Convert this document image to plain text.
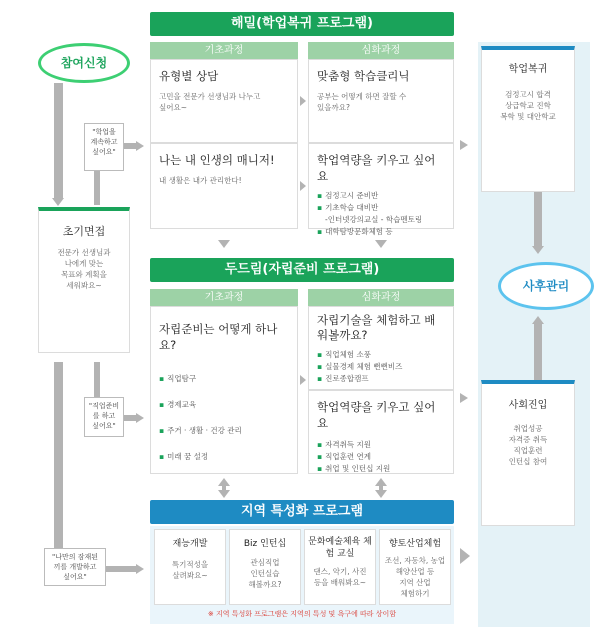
참여신청
"학업을
계속하고
싶어요"
초기면접
전문가 선생님과
나에게 맞는
목표와 계획을
세워봐요~
"직업준비
를 하고
싶어요"
"나만의 잠재된
끼를 개발하고
싶어요"
해밀(학업복귀 프로그램)
기초과정	심화과정
유형별 상담
고민을 전문가 선생님과 나누고
싶어요~
맞춤형 학습클리닉
공부는 어떻게 하면 잘할 수
있을까요?
나는 내 인생의 매니저!
내 생활은 내가 관리한다!
학업역량을 키우고 싶어요
▪ 검정고시 준비반
▪ 기초학습 대비반
-인터넷강의교실 - 학습멘토링
▪ 대학탐방문화체험 등
두드림(자립준비 프로그램)
기초과정	심화과정
자립준비는 어떻게 하나요?
▪ 직업탐구
▪ 경제교육
▪ 주거 · 생활 · 건강 관리
▪ 미래 꿈 설정
자립기술을 체험하고 배워볼까요?
▪ 직업체험 소풍
▪ 실물경제 체험 뻔뻔비즈
▪ 진로종합캠프
학업역량을 키우고 싶어요
▪ 자격취득 지원
▪ 직업훈련 연계
▪ 취업 및 인턴십 지원
지역 특성화 프로그램
재능개발
특기적성을
살려봐요~
Biz 인턴십
관심직업
인턴실습
해볼까요?
문화예술체육 체험 교실
댄스, 악기, 사진
등을 배워봐요~
향토산업체험
조선, 자동차, 농업
해양산업 등
지역 산업
체험하기
※ 지역 특성화 프로그램은 지역의 특성 및 욕구에 따라 상이함
학업복귀
검정고시 합격
상급학교 진학
복학 및 대안학교
사후관리
사회진입
취업성공
자격증 취득
직업훈련
인턴십 참여
